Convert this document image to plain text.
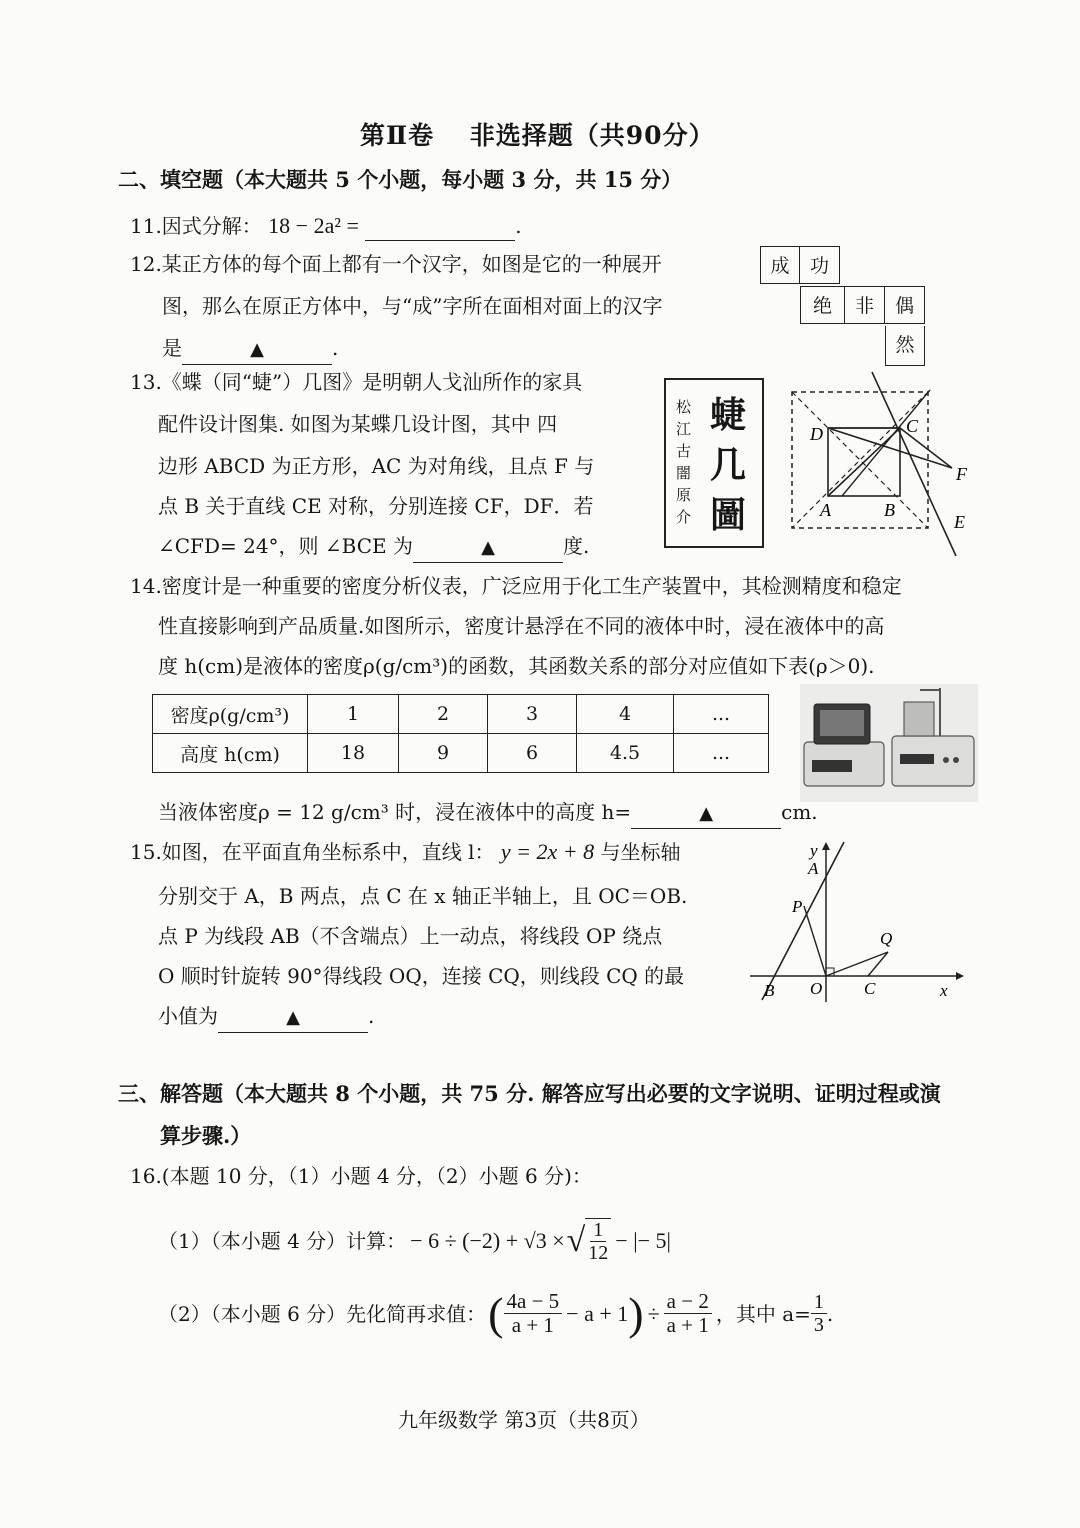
第Ⅱ卷　 非选择题（共90分）
二、填空题（本大题共 5 个小题，每小题 3 分，共 15 分）
11.因式分解： 18 − 2a² =	.
12.某正方体的每个面上都有一个汉字，如图是它的一种展开
图，那么在原正方体中，与“成”字所在面相对面上的汉字
是	▲	.
成	功
绝	非	偶
然
13.《蝶（同“蜨”）几图》是明朝人戈汕所作的家具
配件设计图集. 如图为某蝶几设计图，其中 四
边形 ABCD 为正方形，AC 为对角线，且点 F 与
点 B 关于直线 CE 对称，分别连接 CF，DF．若
∠CFD= 24°，则 ∠BCE 为	▲	度.
松江古闇原介
蜨几圖
D	C
A	B
F
E
14.密度计是一种重要的密度分析仪表，广泛应用于化工生产装置中，其检测精度和稳定
性直接影响到产品质量.如图所示，密度计悬浮在不同的液体中时，浸在液体中的高
度 h(cm)是液体的密度ρ(g/cm³)的函数，其函数关系的部分对应值如下表(ρ＞0).
密度ρ(g/cm³)	1	2	3	4	...
高度 h(cm)	18	9	6	4.5	...
当液体密度ρ = 12 g/cm³ 时，浸在液体中的高度 h=	▲	cm.
15.如图，在平面直角坐标系中，直线 l： y = 2x + 8 与坐标轴
分别交于 A，B 两点，点 C 在 x 轴正半轴上，且 OC＝OB.
点 P 为线段 AB（不含端点）上一动点，将线段 OP 绕点
O 顺时针旋转 90°得线段 OQ，连接 CQ，则线段 CQ 的最
小值为	▲	.
y
A
P
Q
B O C	x
三、解答题（本大题共 8 个小题，共 75 分. 解答应写出必要的文字说明、证明过程或演
算步骤.）
16.(本题 10 分，（1）小题 4 分，（2）小题 6 分)：
（1）（本小题 4 分）计算： − 6 ÷ (−2) + √3 × √ $\frac{1}{12}$ − |− 5|
（2）（本小题 6 分）先化简再求值： ( $\frac{4a - 5}{a + 1} - a + 1$ ) ÷ $\frac{a - 2}{a + 1}$ ，其中 $a= \frac{1}{3}$ .
九年级数学 第3页（共8页）
